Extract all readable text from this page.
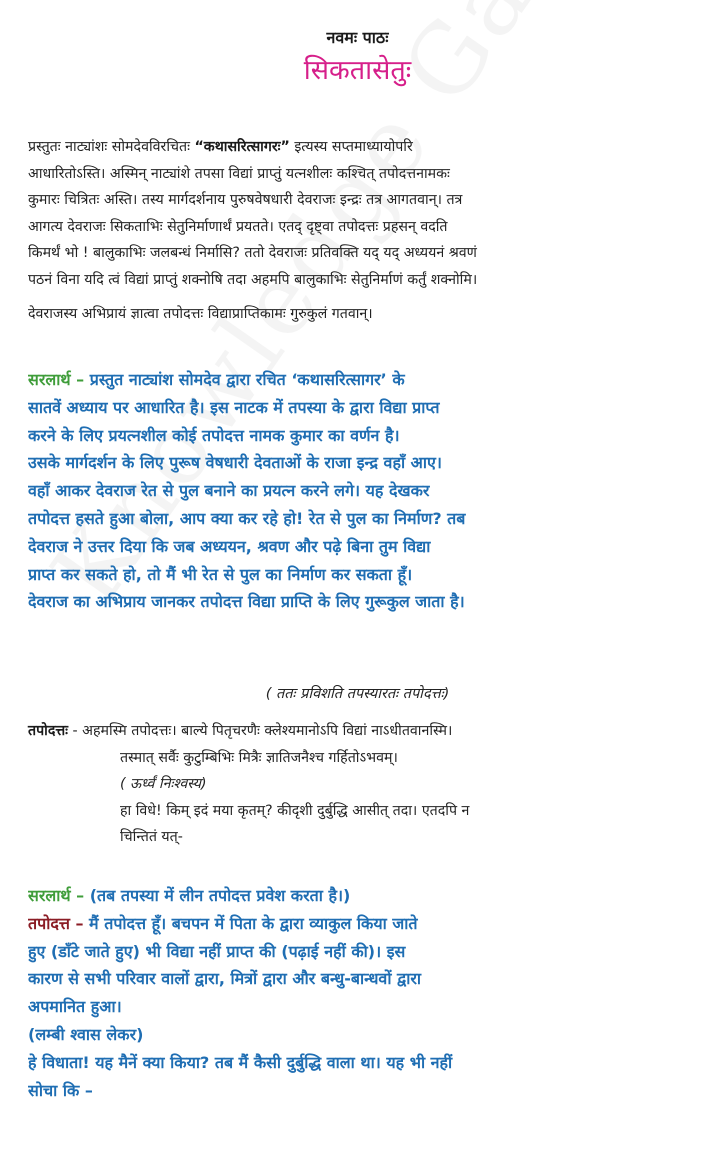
नवमः पाठः
सिकतासेतुः
प्रस्तुतः नाट्यांशः सोमदेवविरचितः “कथासरित्सागरः” इत्यस्य सप्तमाध्यायोपरि
आधारितोऽस्ति। अस्मिन् नाट्यांशे तपसा विद्यां प्राप्तुं यत्नशीलः कश्चित् तपोदत्तनामकः
कुमारः चित्रितः अस्ति। तस्य मार्गदर्शनाय पुरुषवेषधारी देवराजः इन्द्रः तत्र आगतवान्। तत्र
आगत्य देवराजः सिकताभिः सेतुनिर्माणार्थं प्रयतते। एतद् दृष्ट्वा तपोदत्तः प्रहसन् वदति
किमर्थं भो ! बालुकाभिः जलबन्धं निर्मासि? ततो देवराजः प्रतिवक्ति यद् यद् अध्ययनं श्रवणं
पठनं विना यदि त्वं विद्यां प्राप्तुं शक्नोषि तदा अहमपि बालुकाभिः सेतुनिर्माणं कर्तुं शक्नोमि।
देवराजस्य अभिप्रायं ज्ञात्वा तपोदत्तः विद्याप्राप्तिकामः गुरुकुलं गतवान्।
सरलार्थ – प्रस्तुत नाट्यांश सोमदेव द्वारा रचित ‘कथासरित्सागर’ के
सातवें अध्याय पर आधारित है। इस नाटक में तपस्या के द्वारा विद्या प्राप्त
करने के लिए प्रयत्नशील कोई तपोदत्त नामक कुमार का वर्णन है।
उसके मार्गदर्शन के लिए पुरूष वेषधारी देवताओं के राजा इन्द्र वहाँ आए।
वहाँ आकर देवराज रेत से पुल बनाने का प्रयत्न करने लगे। यह देखकर
तपोदत्त हसते हुआ बोला, आप क्या कर रहे हो! रेत से पुल का निर्माण? तब
देवराज ने उत्तर दिया कि जब अध्ययन, श्रवण और पढ़े बिना तुम विद्या
प्राप्त कर सकते हो, तो मैं भी रेत से पुल का निर्माण कर सकता हूँ।
देवराज का अभिप्राय जानकर तपोदत्त विद्या प्राप्ति के लिए गुरूकुल जाता है।
( ततः प्रविशति तपस्यारतः तपोदत्तः)
तपोदत्तः - अहमस्मि तपोदत्तः। बाल्ये पितृचरणैः क्लेश्यमानोऽपि विद्यां नाऽधीतवानस्मि।
तस्मात् सर्वैः कुटुम्बिभिः मित्रैः ज्ञातिजनैश्च गर्हितोऽभवम्।
( ऊर्ध्वं निःश्वस्य)
हा विधे! किम् इदं मया कृतम्? कीदृशी दुर्बुद्धि आसीत् तदा। एतदपि न
चिन्तितं यत्-
सरलार्थ – (तब तपस्या में लीन तपोदत्त प्रवेश करता है।)
तपोदत्त – मैं तपोदत्त हूँ। बचपन में पिता के द्वारा व्याकुल किया जाते
हुए (डाँटे जाते हुए) भी विद्या नहीं प्राप्त की (पढ़ाई नहीं की)। इस
कारण से सभी परिवार वालों द्वारा, मित्रों द्वारा और बन्धु-बान्धवों द्वारा
अपमानित हुआ।
(लम्बी श्वास लेकर)
हे विधाता! यह मैनें क्या किया? तब मैं कैसी दुर्बुद्धि वाला था। यह भी नहीं
सोचा कि –
